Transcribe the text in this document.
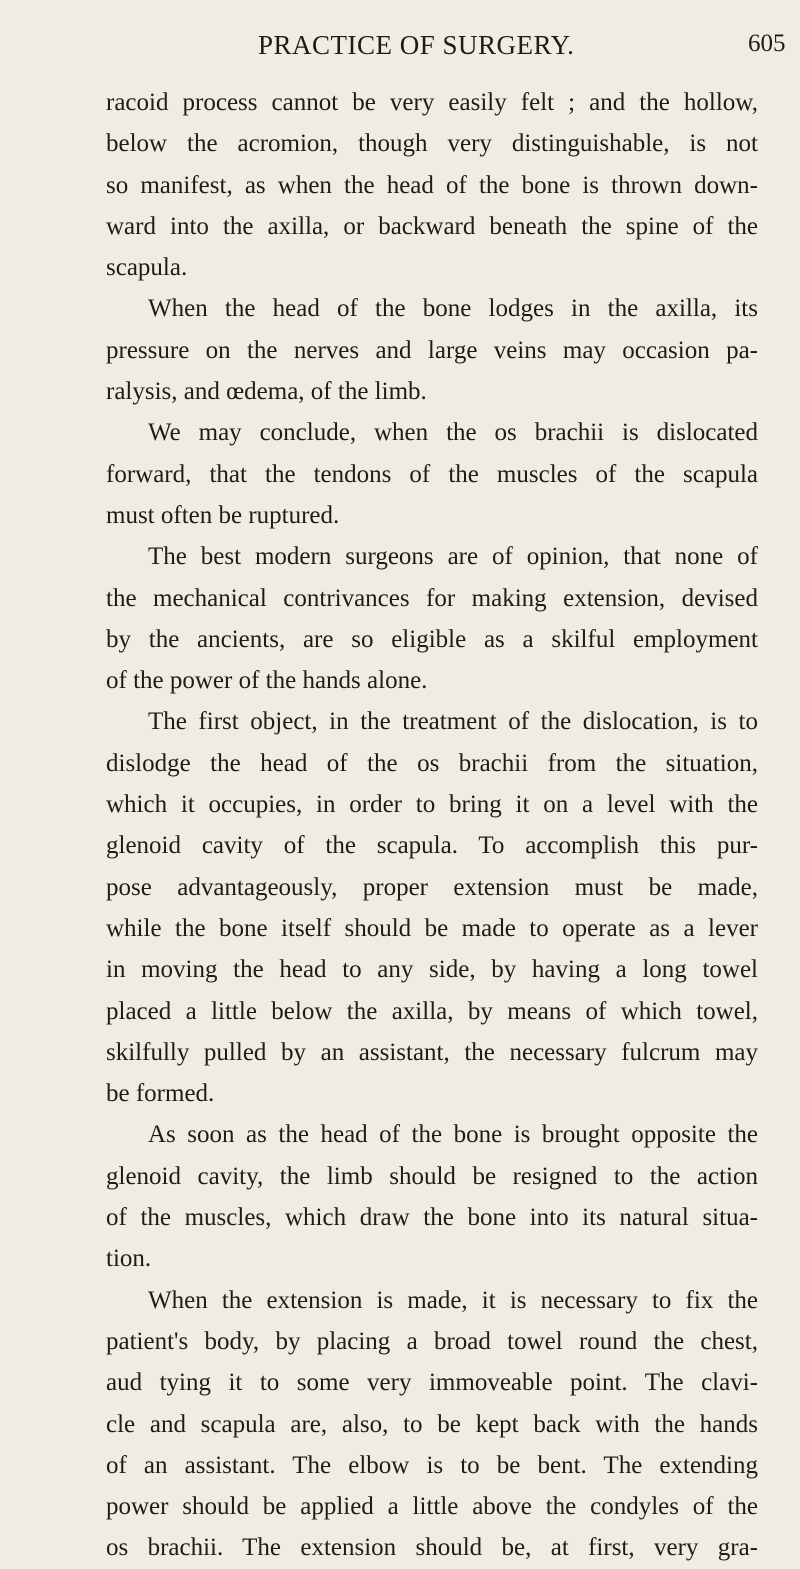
PRACTICE OF SURGERY.	605
racoid process cannot be very easily felt ; and the hollow,
below the acromion, though very distinguishable, is not
so manifest, as when the head of the bone is thrown down-
ward into the axilla, or backward beneath the spine of the
scapula.
When the head of the bone lodges in the axilla, its
pressure on the nerves and large veins may occasion pa-
ralysis, and œdema, of the limb.
We may conclude, when the os brachii is dislocated
forward, that the tendons of the muscles of the scapula
must often be ruptured.
The best modern surgeons are of opinion, that none of
the mechanical contrivances for making extension, devised
by the ancients, are so eligible as a skilful employment
of the power of the hands alone.
The first object, in the treatment of the dislocation, is to
dislodge the head of the os brachii from the situation,
which it occupies, in order to bring it on a level with the
glenoid cavity of the scapula. To accomplish this pur-
pose advantageously, proper extension must be made,
while the bone itself should be made to operate as a lever
in moving the head to any side, by having a long towel
placed a little below the axilla, by means of which towel,
skilfully pulled by an assistant, the necessary fulcrum may
be formed.
As soon as the head of the bone is brought opposite the
glenoid cavity, the limb should be resigned to the action
of the muscles, which draw the bone into its natural situa-
tion.
When the extension is made, it is necessary to fix the
patient's body, by placing a broad towel round the chest,
aud tying it to some very immoveable point. The clavi-
cle and scapula are, also, to be kept back with the hands
of an assistant. The elbow is to be bent. The extending
power should be applied a little above the condyles of the
os brachii. The extension should be, at first, very gra-
